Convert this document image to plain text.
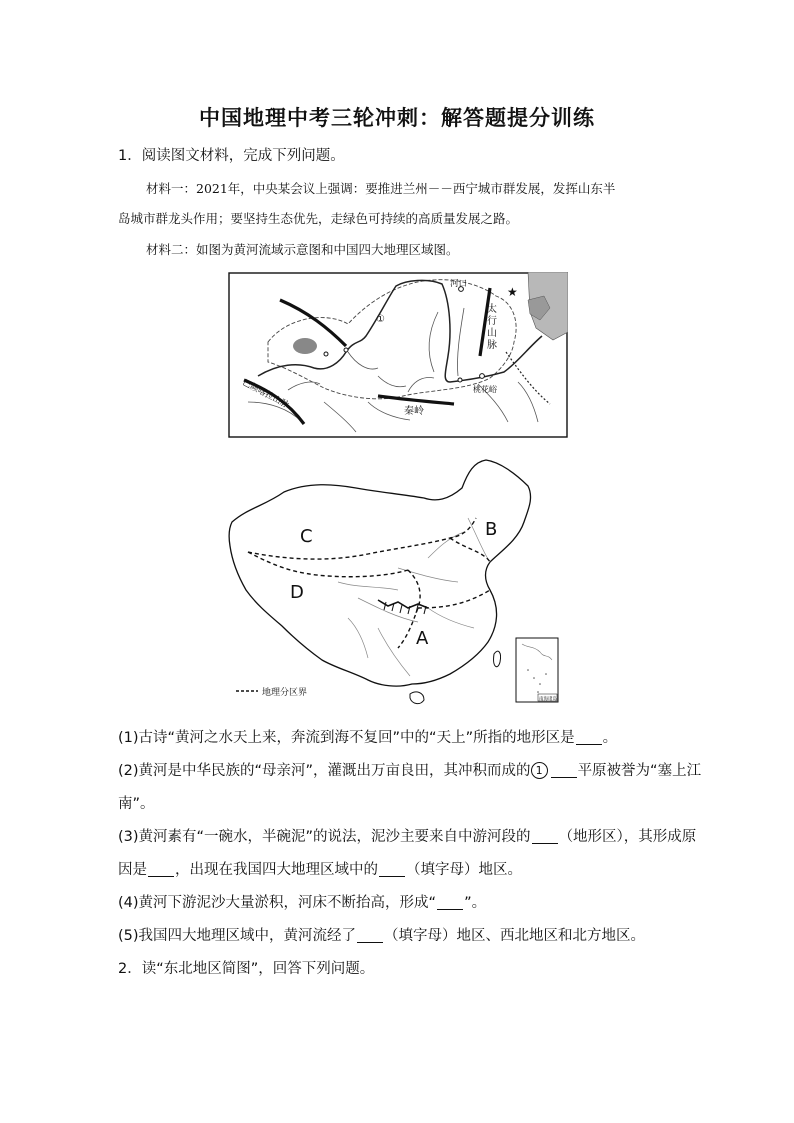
中国地理中考三轮冲刺：解答题提分训练
1．阅读图文材料，完成下列问题。
材料一：2021年，中央某会议上强调：要推进兰州－－西宁城市群发展，发挥山东半
岛城市群龙头作用；要坚持生态优先，走绿色可持续的高质量发展之路。
材料二：如图为黄河流域示意图和中国四大地理区域图。
★
河口
①
太
行
山
脉
秦岭
桃花峪
巴颜喀拉山脉
C	B
D
A
地理分区界
南海诸岛
(1)古诗“黄河之水天上来，奔流到海不复回”中的“天上”所指的地形区是 。
(2)黄河是中华民族的“母亲河”，灌溉出万亩良田，其冲积而成的 1 平原被誉为“塞上江
南”。
(3)黄河素有“一碗水，半碗泥”的说法，泥沙主要来自中游河段的 （地形区），其形成原
因是 ，出现在我国四大地理区域中的 （填字母）地区。
(4)黄河下游泥沙大量淤积，河床不断抬高，形成“ ”。
(5)我国四大地理区域中，黄河流经了 （填字母）地区、西北地区和北方地区。
2．读“东北地区简图”，回答下列问题。
